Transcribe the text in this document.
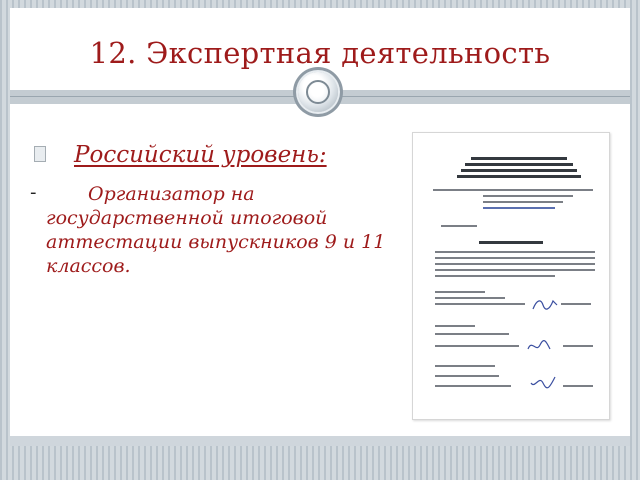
12. Экспертная деятельность
Российский уровень:
-	Организатор на государственной итоговой аттестации выпускников 9 и 11 классов.
